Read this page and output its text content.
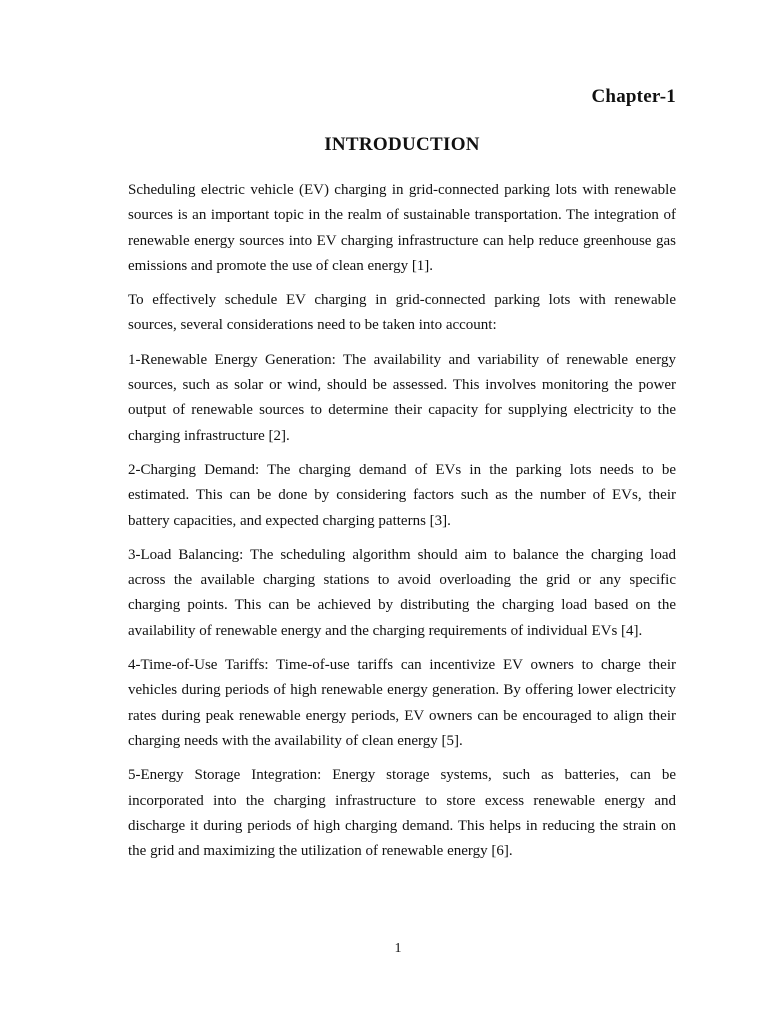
Chapter-1
INTRODUCTION

Scheduling electric vehicle (EV) charging in grid-connected parking lots with renewable sources is an important topic in the realm of sustainable transportation. The integration of renewable energy sources into EV charging infrastructure can help reduce greenhouse gas emissions and promote the use of clean energy [1].

To effectively schedule EV charging in grid-connected parking lots with renewable sources, several considerations need to be taken into account:

1-Renewable Energy Generation: The availability and variability of renewable energy sources, such as solar or wind, should be assessed. This involves monitoring the power output of renewable sources to determine their capacity for supplying electricity to the charging infrastructure [2].

2-Charging Demand: The charging demand of EVs in the parking lots needs to be estimated. This can be done by considering factors such as the number of EVs, their battery capacities, and expected charging patterns [3].

3-Load Balancing: The scheduling algorithm should aim to balance the charging load across the available charging stations to avoid overloading the grid or any specific charging points. This can be achieved by distributing the charging load based on the availability of renewable energy and the charging requirements of individual EVs [4].

4-Time-of-Use Tariffs: Time-of-use tariffs can incentivize EV owners to charge their vehicles during periods of high renewable energy generation. By offering lower electricity rates during peak renewable energy periods, EV owners can be encouraged to align their charging needs with the availability of clean energy [5].

5-Energy Storage Integration: Energy storage systems, such as batteries, can be incorporated into the charging infrastructure to store excess renewable energy and discharge it during periods of high charging demand. This helps in reducing the strain on the grid and maximizing the utilization of renewable energy [6].

1
